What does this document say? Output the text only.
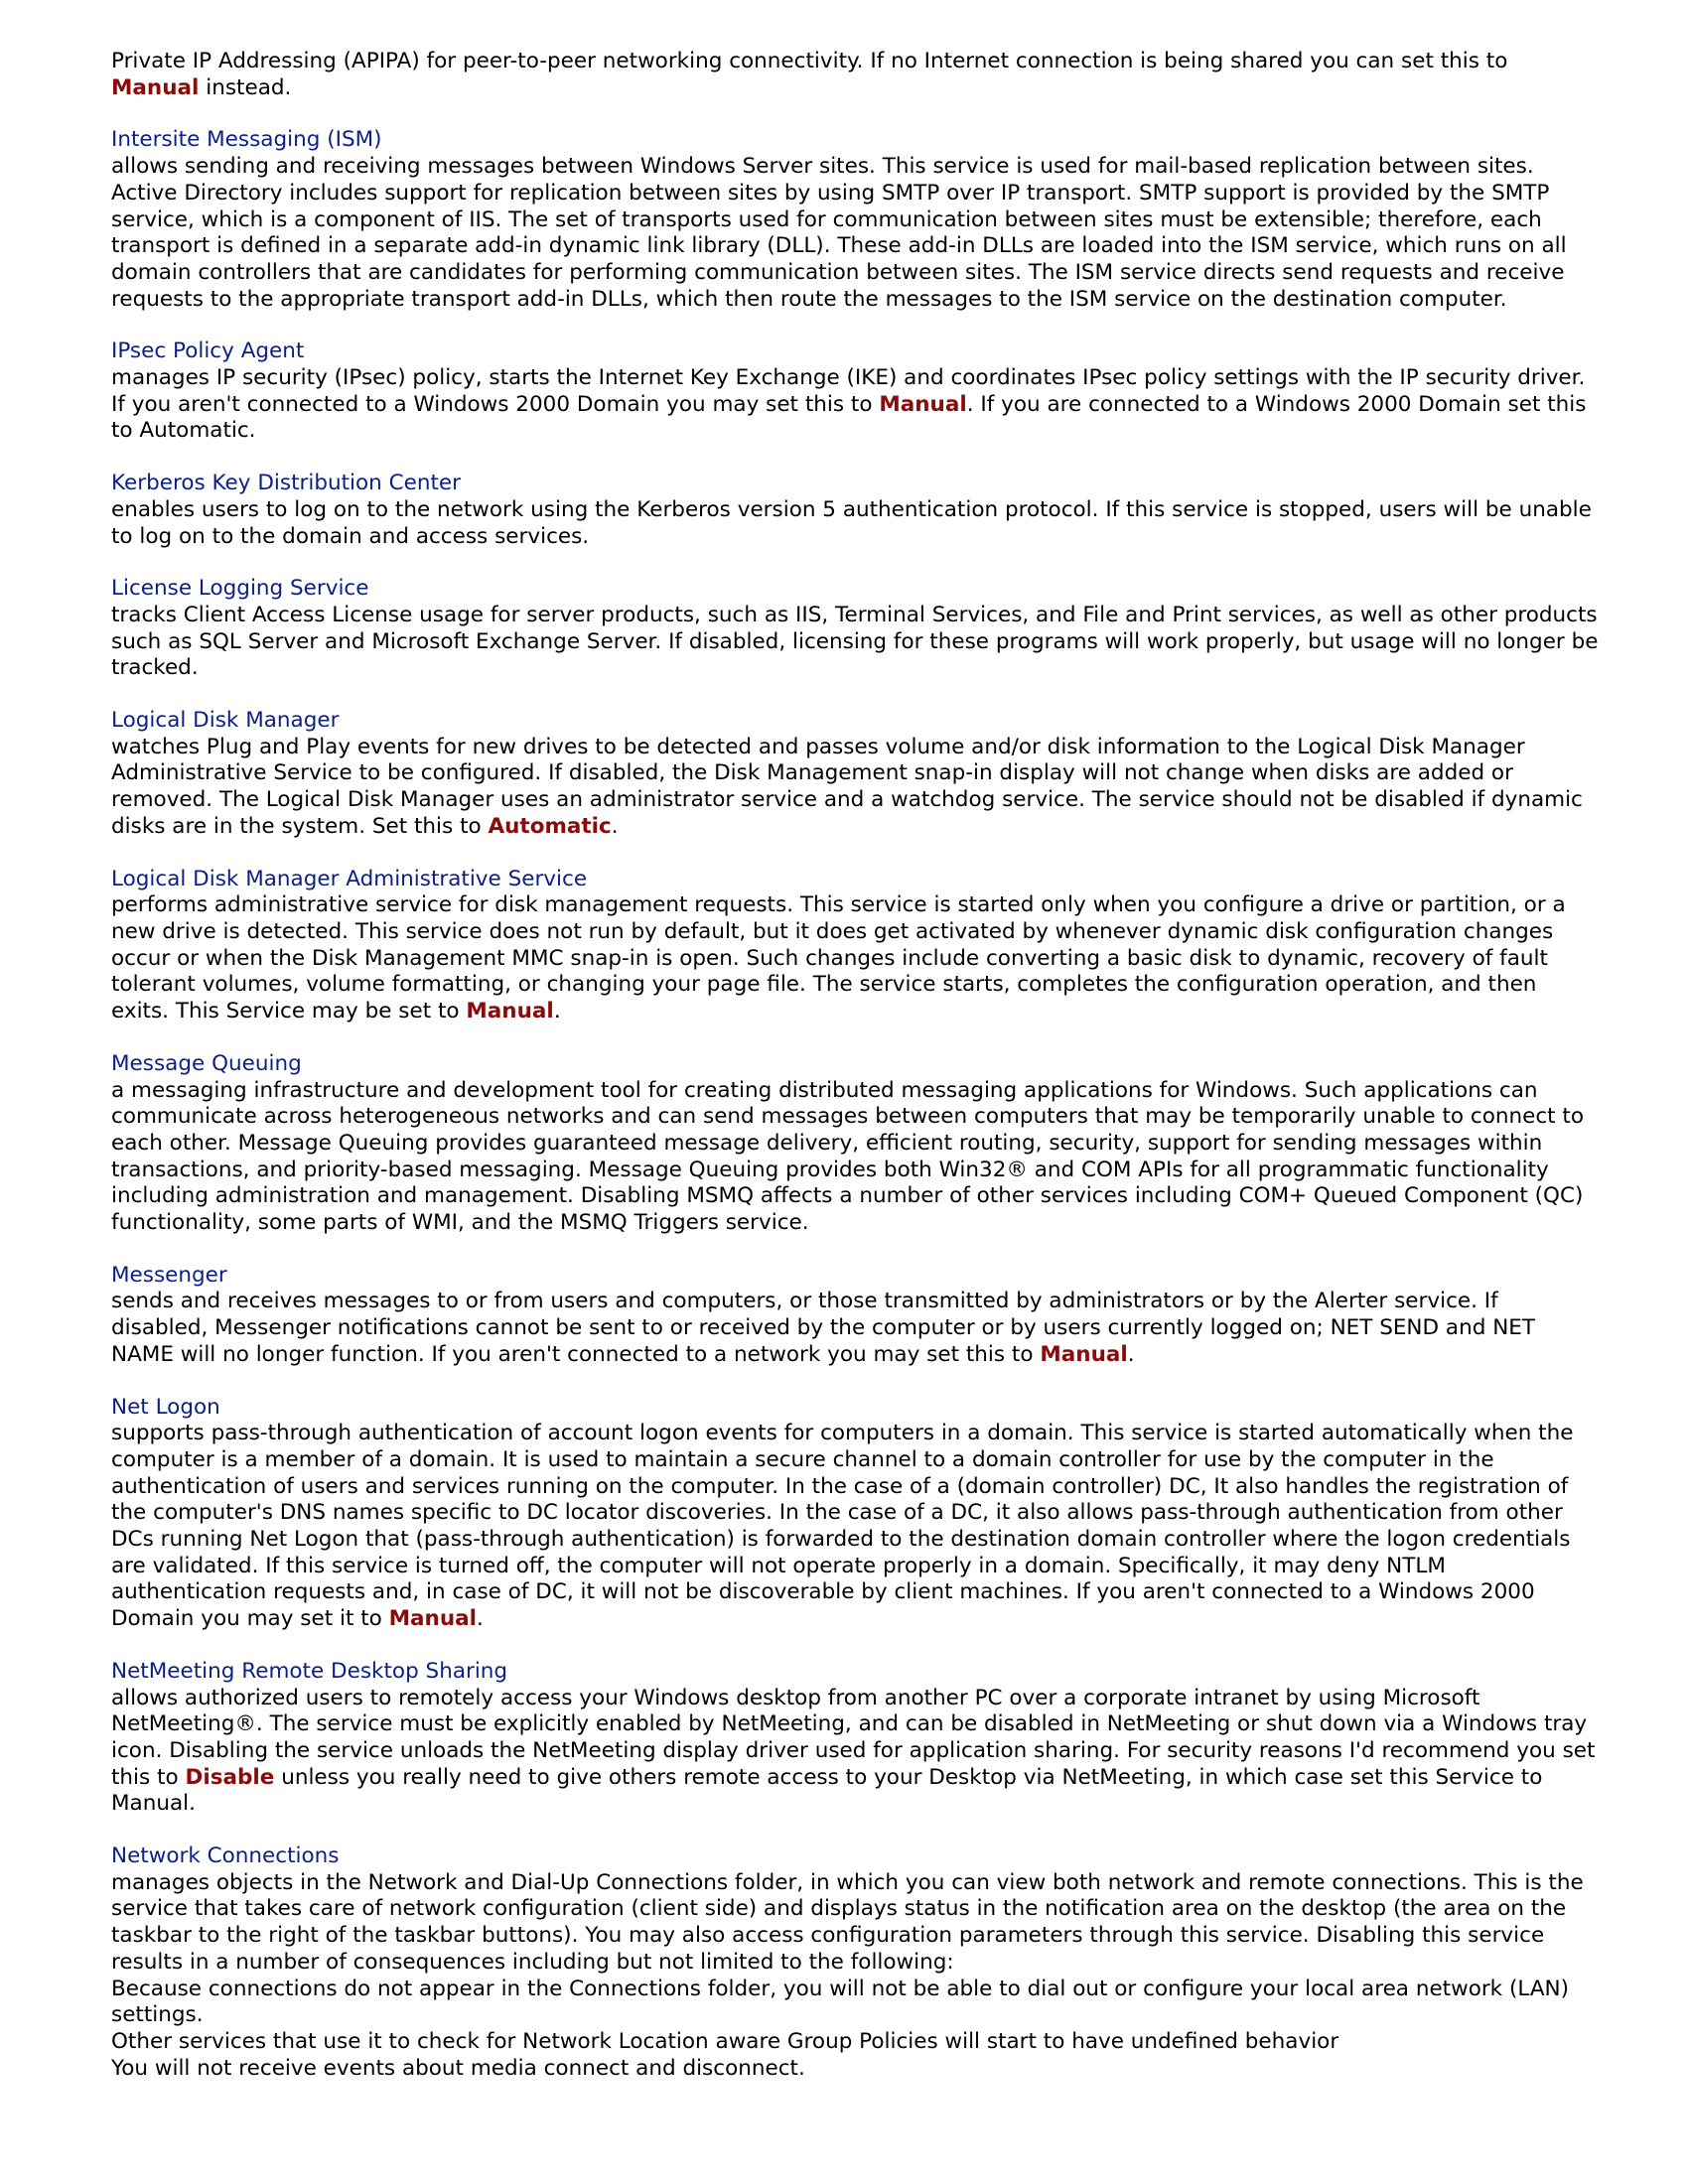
Private IP Addressing (APIPA) for peer-to-peer networking connectivity. If no Internet connection is being shared you can set this to Manual instead.

Intersite Messaging (ISM)

allows sending and receiving messages between Windows Server sites. This service is used for mail-based replication between sites. Active Directory includes support for replication between sites by using SMTP over IP transport. SMTP support is provided by the SMTP service, which is a component of IIS. The set of transports used for communication between sites must be extensible; therefore, each transport is defined in a separate add-in dynamic link library (DLL). These add-in DLLs are loaded into the ISM service, which runs on all domain controllers that are candidates for performing communication between sites. The ISM service directs send requests and receive requests to the appropriate transport add-in DLLs, which then route the messages to the ISM service on the destination computer.

IPsec Policy Agent

manages IP security (IPsec) policy, starts the Internet Key Exchange (IKE) and coordinates IPsec policy settings with the IP security driver. If you aren't connected to a Windows 2000 Domain you may set this to Manual. If you are connected to a Windows 2000 Domain set this to Automatic.

Kerberos Key Distribution Center

enables users to log on to the network using the Kerberos version 5 authentication protocol. If this service is stopped, users will be unable to log on to the domain and access services.

License Logging Service

tracks Client Access License usage for server products, such as IIS, Terminal Services, and File and Print services, as well as other products such as SQL Server and Microsoft Exchange Server. If disabled, licensing for these programs will work properly, but usage will no longer be tracked.

Logical Disk Manager

watches Plug and Play events for new drives to be detected and passes volume and/or disk information to the Logical Disk Manager Administrative Service to be configured. If disabled, the Disk Management snap-in display will not change when disks are added or removed. The Logical Disk Manager uses an administrator service and a watchdog service. The service should not be disabled if dynamic disks are in the system. Set this to Automatic.

Logical Disk Manager Administrative Service

performs administrative service for disk management requests. This service is started only when you configure a drive or partition, or a new drive is detected. This service does not run by default, but it does get activated by whenever dynamic disk configuration changes occur or when the Disk Management MMC snap-in is open. Such changes include converting a basic disk to dynamic, recovery of fault tolerant volumes, volume formatting, or changing your page file. The service starts, completes the configuration operation, and then exits. This Service may be set to Manual.

Message Queuing

a messaging infrastructure and development tool for creating distributed messaging applications for Windows. Such applications can communicate across heterogeneous networks and can send messages between computers that may be temporarily unable to connect to each other. Message Queuing provides guaranteed message delivery, efficient routing, security, support for sending messages within transactions, and priority-based messaging. Message Queuing provides both Win32® and COM APIs for all programmatic functionality including administration and management. Disabling MSMQ affects a number of other services including COM+ Queued Component (QC) functionality, some parts of WMI, and the MSMQ Triggers service.

Messenger

sends and receives messages to or from users and computers, or those transmitted by administrators or by the Alerter service. If disabled, Messenger notifications cannot be sent to or received by the computer or by users currently logged on; NET SEND and NET NAME will no longer function. If you aren't connected to a network you may set this to Manual.

Net Logon

supports pass-through authentication of account logon events for computers in a domain. This service is started automatically when the computer is a member of a domain. It is used to maintain a secure channel to a domain controller for use by the computer in the authentication of users and services running on the computer. In the case of a (domain controller) DC, It also handles the registration of the computer's DNS names specific to DC locator discoveries. In the case of a DC, it also allows pass-through authentication from other DCs running Net Logon that (pass-through authentication) is forwarded to the destination domain controller where the logon credentials are validated. If this service is turned off, the computer will not operate properly in a domain. Specifically, it may deny NTLM authentication requests and, in case of DC, it will not be discoverable by client machines. If you aren't connected to a Windows 2000 Domain you may set it to Manual.

NetMeeting Remote Desktop Sharing

allows authorized users to remotely access your Windows desktop from another PC over a corporate intranet by using Microsoft NetMeeting®. The service must be explicitly enabled by NetMeeting, and can be disabled in NetMeeting or shut down via a Windows tray icon. Disabling the service unloads the NetMeeting display driver used for application sharing. For security reasons I'd recommend you set this to Disable unless you really need to give others remote access to your Desktop via NetMeeting, in which case set this Service to Manual.

Network Connections
manages objects in the Network and Dial-Up Connections folder, in which you can view both network and remote connections. This is the service that takes care of network configuration (client side) and displays status in the notification area on the desktop (the area on the taskbar to the right of the taskbar buttons). You may also access configuration parameters through this service. Disabling this service results in a number of consequences including but not limited to the following:
Because connections do not appear in the Connections folder, you will not be able to dial out or configure your local area network (LAN) settings.
Other services that use it to check for Network Location aware Group Policies will start to have undefined behavior
You will not receive events about media connect and disconnect.
